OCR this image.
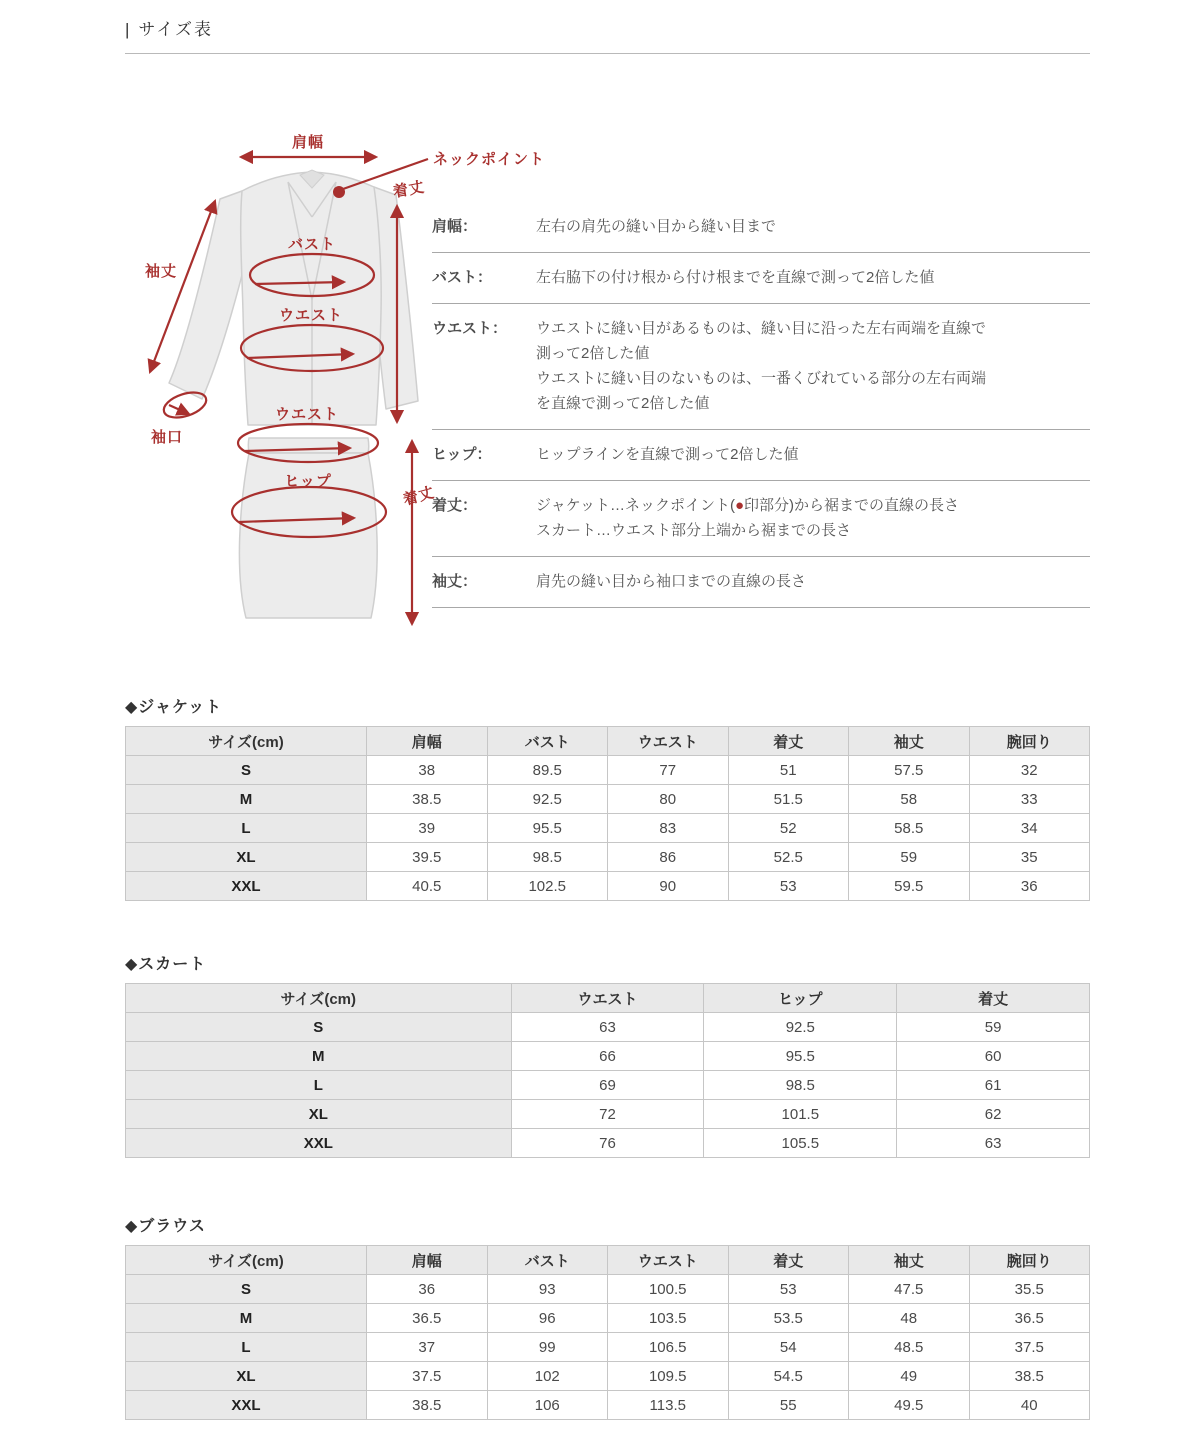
| サイズ表
肩幅
ネックポイント
着丈
袖丈
バスト
ウエスト
袖口
ウエスト
ヒップ
着丈
肩幅：	左右の肩先の縫い目から縫い目まで
バスト：	左右脇下の付け根から付け根までを直線で測って2倍した値
ウエスト：	ウエストに縫い目があるものは、縫い目に沿った左右両端を直線で
測って2倍した値
ウエストに縫い目のないものは、一番くびれている部分の左右両端
を直線で測って2倍した値
ヒップ：	ヒップラインを直線で測って2倍した値
着丈：	ジャケット…ネックポイント(●印部分)から裾までの直線の長さ
スカート…ウエスト部分上端から裾までの長さ
袖丈：	肩先の縫い目から袖口までの直線の長さ
◆ジャケット
サイズ(cm)	肩幅	バスト	ウエスト	着丈	袖丈	腕回り
S	38	89.5	77	51	57.5	32
M	38.5	92.5	80	51.5	58	33
L	39	95.5	83	52	58.5	34
XL	39.5	98.5	86	52.5	59	35
XXL	40.5	102.5	90	53	59.5	36
◆スカート
サイズ(cm)	ウエスト	ヒップ	着丈
S	63	92.5	59
M	66	95.5	60
L	69	98.5	61
XL	72	101.5	62
XXL	76	105.5	63
◆ブラウス
サイズ(cm)	肩幅	バスト	ウエスト	着丈	袖丈	腕回り
S	36	93	100.5	53	47.5	35.5
M	36.5	96	103.5	53.5	48	36.5
L	37	99	106.5	54	48.5	37.5
XL	37.5	102	109.5	54.5	49	38.5
XXL	38.5	106	113.5	55	49.5	40
